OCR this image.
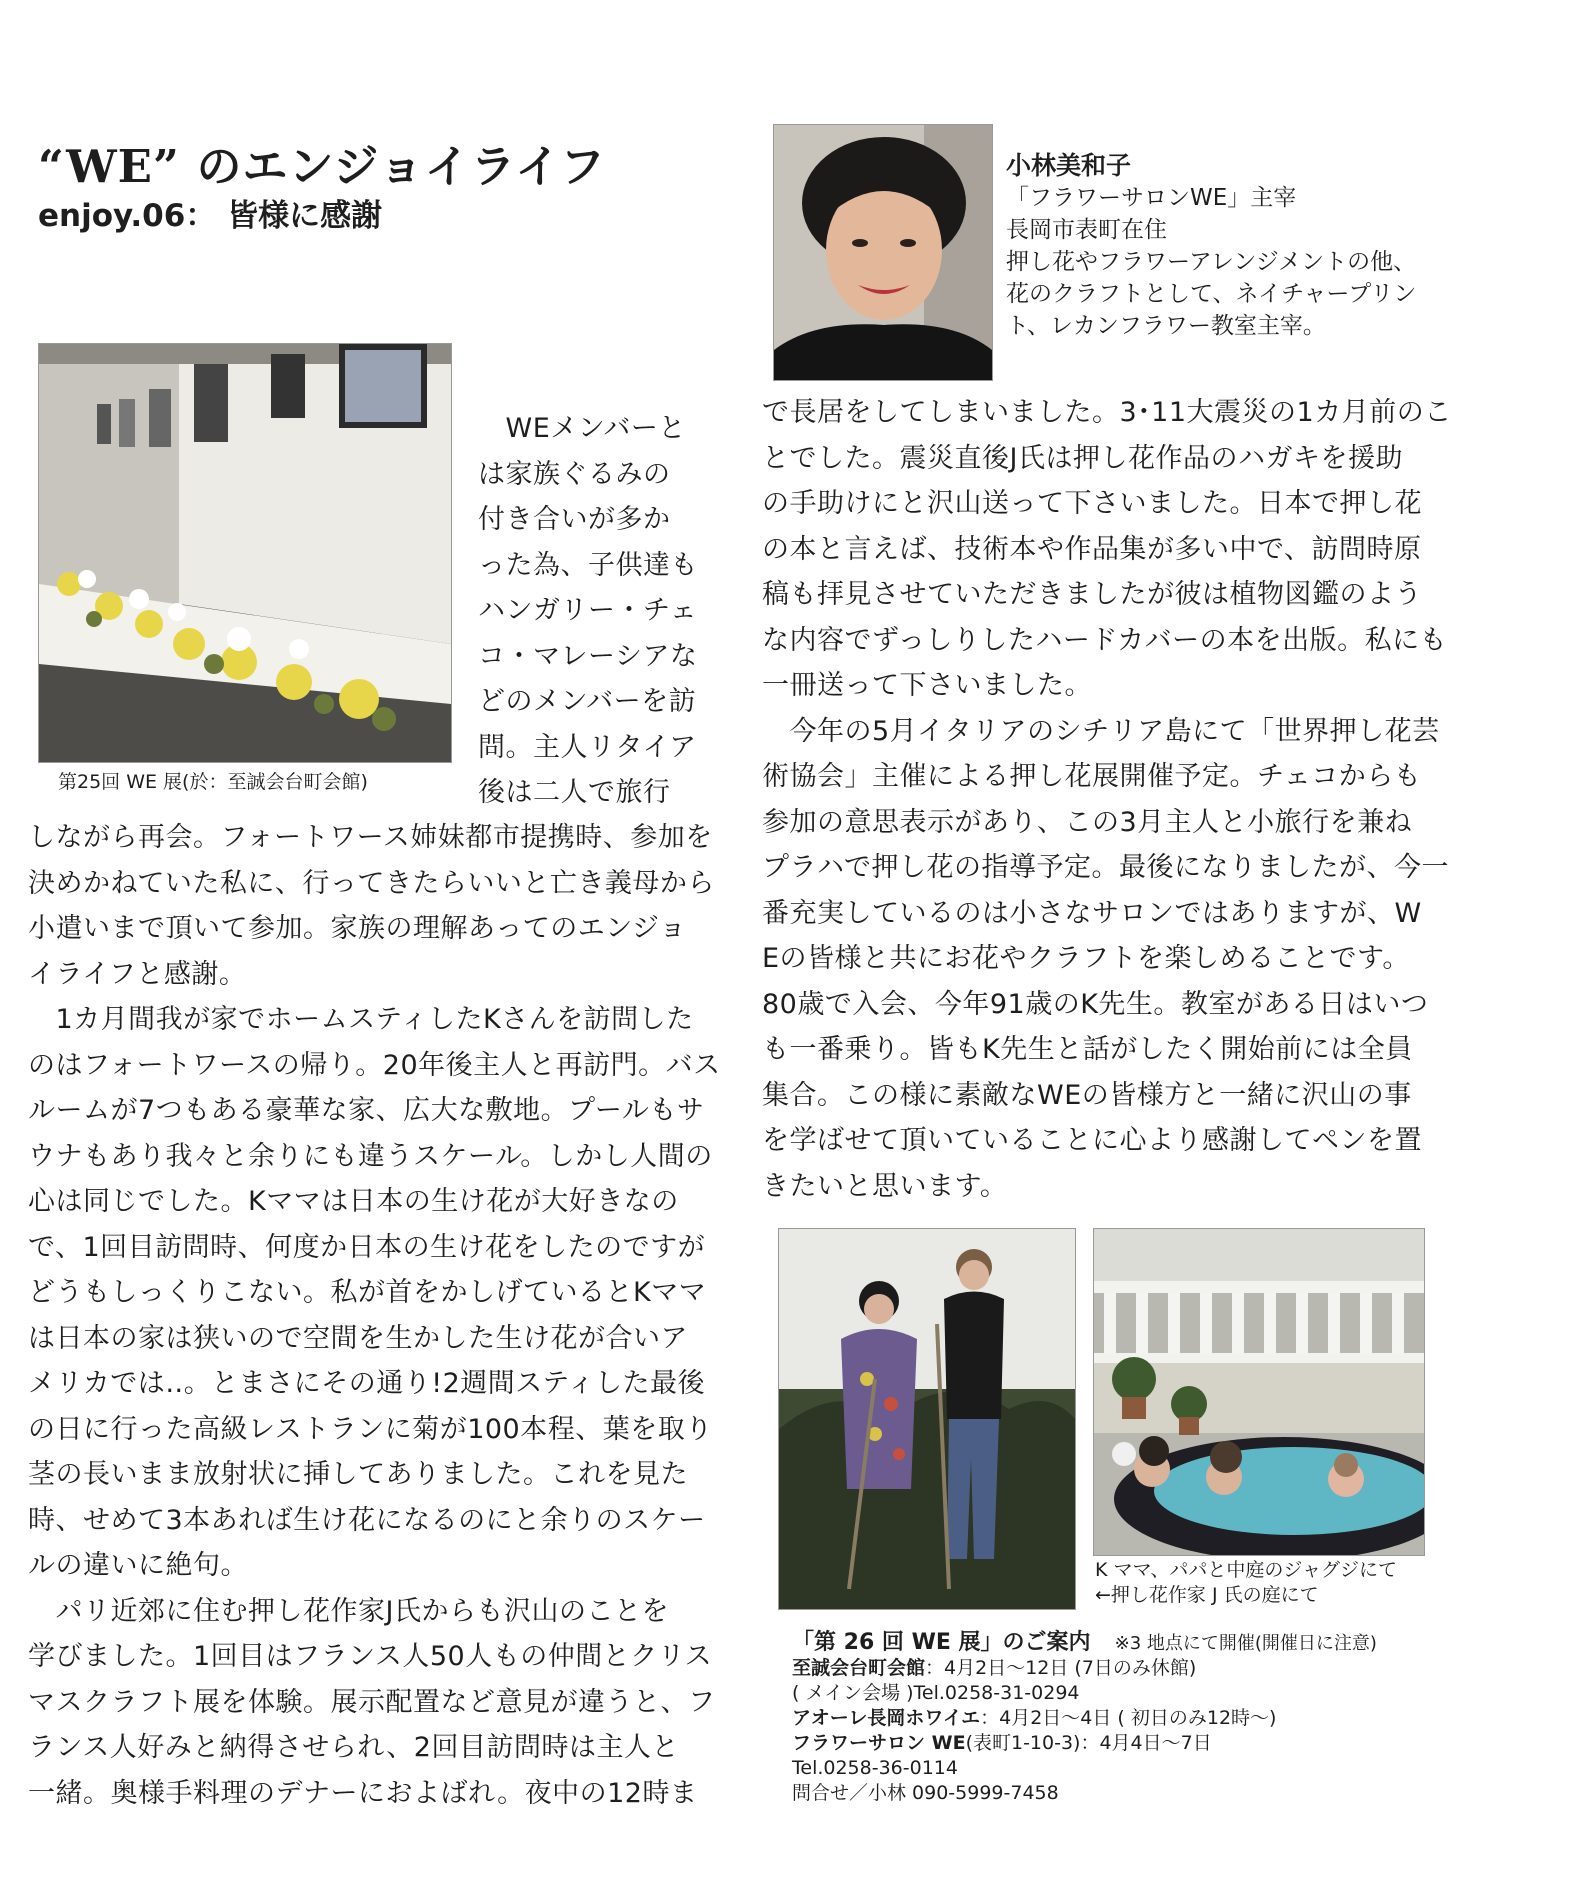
“WE” のエンジョイライフ
enjoy.06： 皆様に感謝
第25回 WE 展(於：至誠会台町会館)
小林美和子
「フラワーサロンWE」主宰
長岡市表町在住
押し花やフラワーアレンジメントの他、
花のクラフトとして、ネイチャープリン
ト、レカンフラワー教室主宰。
　WEメンバーと
は家族ぐるみの
付き合いが多か
った為、子供達も
ハンガリー・チェ
コ・マレーシアな
どのメンバーを訪
問。主人リタイア
後は二人で旅行
しながら再会。フォートワース姉妹都市提携時、参加を
決めかねていた私に、行ってきたらいいと亡き義母から
小遣いまで頂いて参加。家族の理解あってのエンジョ
イライフと感謝。
　1カ月間我が家でホームスティしたKさんを訪問した
のはフォートワースの帰り。20年後主人と再訪門。バス
ルームが7つもある豪華な家、広大な敷地。プールもサ
ウナもあり我々と余りにも違うスケール。しかし人間の
心は同じでした。Kママは日本の生け花が大好きなの
で、1回目訪問時、何度か日本の生け花をしたのですが
どうもしっくりこない。私が首をかしげているとKママ
は日本の家は狭いので空間を生かした生け花が合いア
メリカでは‥。とまさにその通り!2週間スティした最後
の日に行った高級レストランに菊が100本程、葉を取り
茎の長いまま放射状に挿してありました。これを見た
時、せめて3本あれば生け花になるのにと余りのスケー
ルの違いに絶句。
　パリ近郊に住む押し花作家J氏からも沢山のことを
学びました。1回目はフランス人50人もの仲間とクリス
マスクラフト展を体験。展示配置など意見が違うと、フ
ランス人好みと納得させられ、2回目訪問時は主人と
一緒。奥様手料理のデナーにおよばれ。夜中の12時ま
で長居をしてしまいました。3･11大震災の1カ月前のこ
とでした。震災直後J氏は押し花作品のハガキを援助
の手助けにと沢山送って下さいました。日本で押し花
の本と言えば、技術本や作品集が多い中で、訪問時原
稿も拝見させていただきましたが彼は植物図鑑のよう
な内容でずっしりしたハードカバーの本を出版。私にも
一冊送って下さいました。
　今年の5月イタリアのシチリア島にて「世界押し花芸
術協会」主催による押し花展開催予定。チェコからも
参加の意思表示があり、この3月主人と小旅行を兼ね
プラハで押し花の指導予定。最後になりましたが、今一
番充実しているのは小さなサロンではありますが、W
Eの皆様と共にお花やクラフトを楽しめることです。
80歳で入会、今年91歳のK先生。教室がある日はいつ
も一番乗り。皆もK先生と話がしたく開始前には全員
集合。この様に素敵なWEの皆様方と一緒に沢山の事
を学ばせて頂いていることに心より感謝してペンを置
きたいと思います。
K ママ、パパと中庭のジャグジにて
←押し花作家 J 氏の庭にて
「第 26 回 WE 展」のご案内 ※3 地点にて開催(開催日に注意)
至誠会台町会館：4月2日～12日 (7日のみ休館)
( メイン会場 )Tel.0258-31-0294
アオーレ長岡ホワイエ：4月2日～4日 ( 初日のみ12時～)
フラワーサロン WE(表町1-10-3)：4月4日～7日
Tel.0258-36-0114
問合せ／小林 090-5999-7458
